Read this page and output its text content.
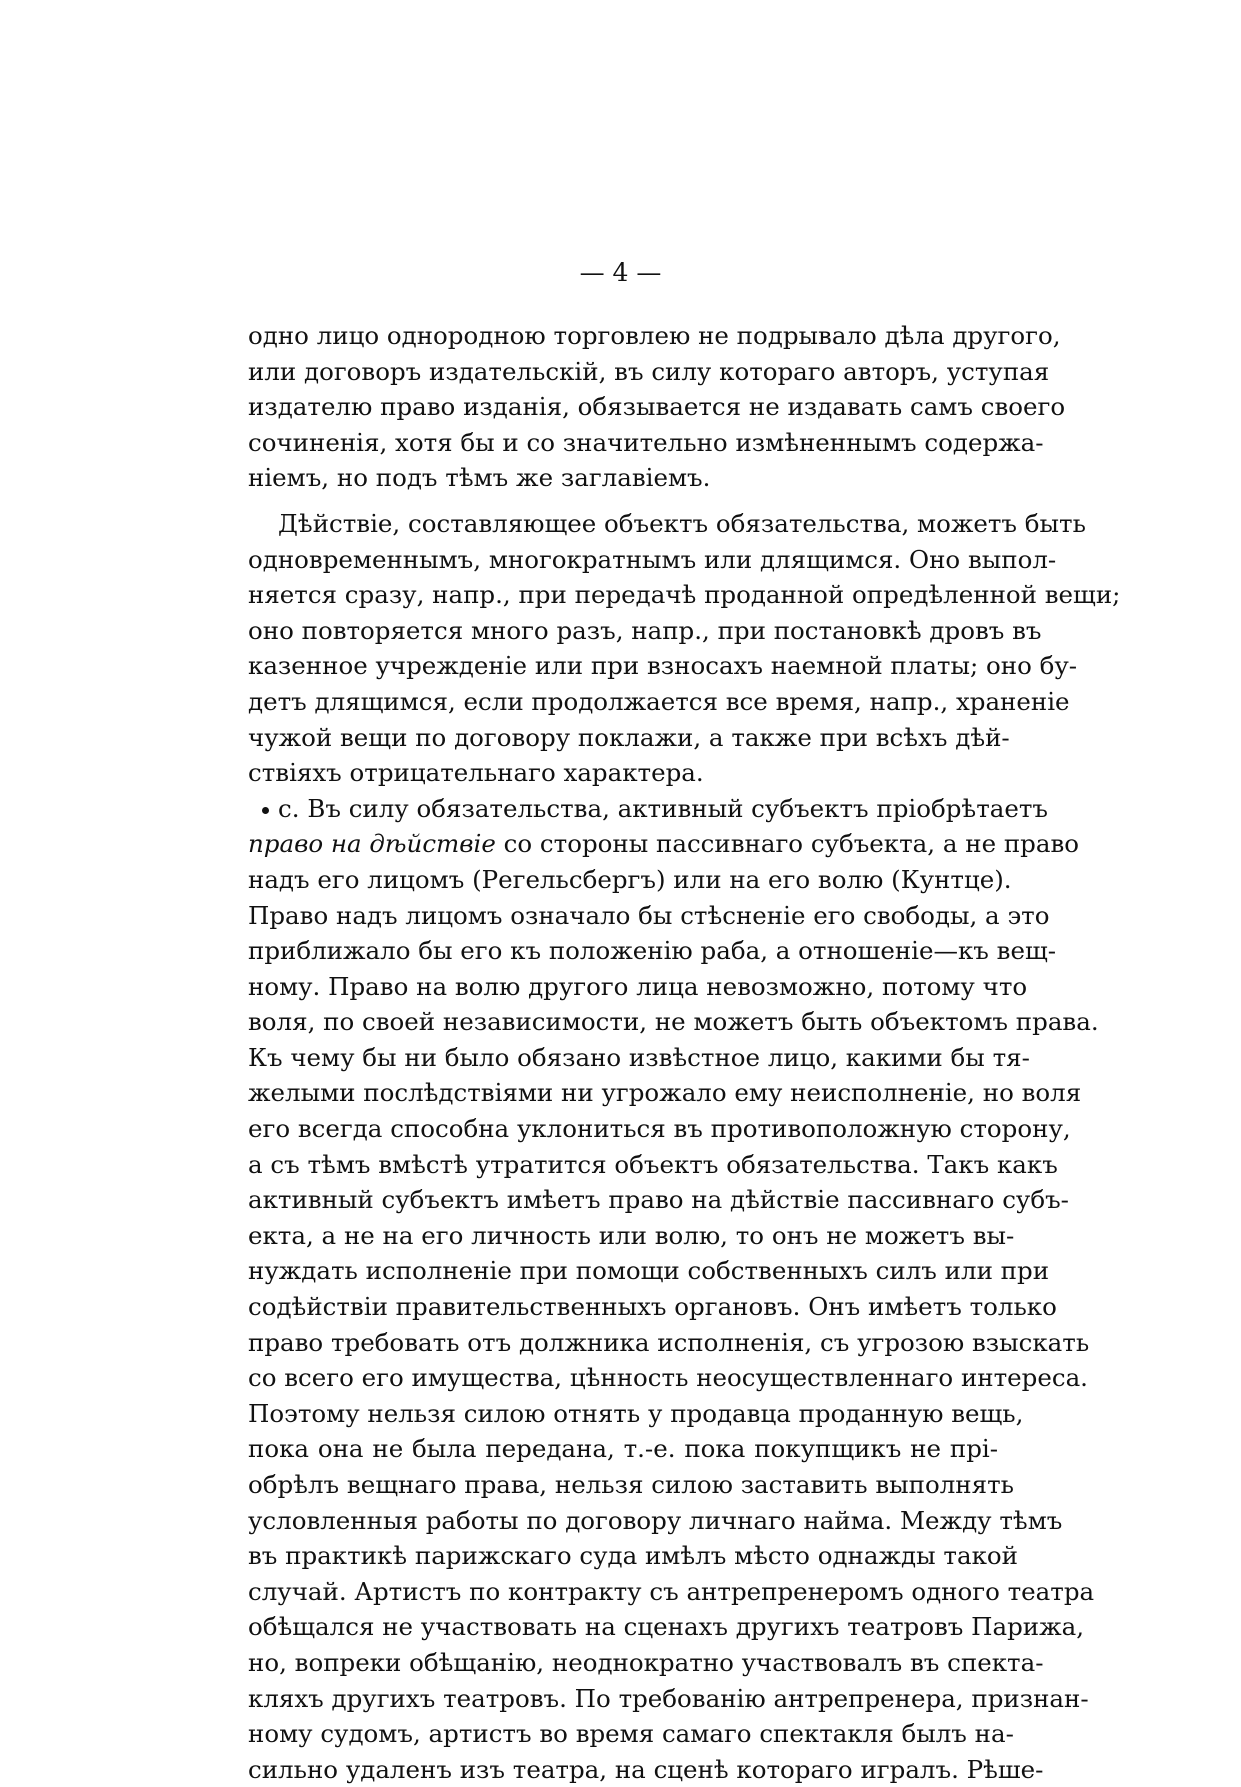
— 4 —
одно лицо однородною торговлею не подрывало дѣла другого,
или договоръ издательскій, въ силу котораго авторъ, уступая
издателю право изданія, обязывается не издавать самъ своего
сочиненія, хотя бы и со значительно измѣненнымъ содержа-
ніемъ, но подъ тѣмъ же заглавіемъ.
Дѣйствіе, составляющее объектъ обязательства, можетъ быть
одновременнымъ, многократнымъ или длящимся. Оно выпол-
няется сразу, напр., при передачѣ проданной опредѣленной вещи;
оно повторяется много разъ, напр., при постановкѣ дровъ въ
казенное учрежденіе или при взносахъ наемной платы; оно бу-
детъ длящимся, если продолжается все время, напр., храненіе
чужой вещи по договору поклажи, а также при всѣхъ дѣй-
ствіяхъ отрицательнаго характера.
с. Въ силу обязательства, активный субъектъ пріобрѣтаетъ
право на дѣйствіе со стороны пассивнаго субъекта, а не право
надъ его лицомъ (Регельсбергъ) или на его волю (Кунтце).
Право надъ лицомъ означало бы стѣсненіе его свободы, а это
приближало бы его къ положенію раба, а отношеніе—къ вещ-
ному. Право на волю другого лица невозможно, потому что
воля, по своей независимости, не можетъ быть объектомъ права.
Къ чему бы ни было обязано извѣстное лицо, какими бы тя-
желыми послѣдствіями ни угрожало ему неисполненіе, но воля
его всегда способна уклониться въ противоположную сторону,
а съ тѣмъ вмѣстѣ утратится объектъ обязательства. Такъ какъ
активный субъектъ имѣетъ право на дѣйствіе пассивнаго субъ-
екта, а не на его личность или волю, то онъ не можетъ вы-
нуждать исполненіе при помощи собственныхъ силъ или при
содѣйствіи правительственныхъ органовъ. Онъ имѣетъ только
право требовать отъ должника исполненія, съ угрозою взыскать
со всего его имущества, цѣнность неосуществленнаго интереса.
Поэтому нельзя силою отнять у продавца проданную вещь,
пока она не была передана, т.-е. пока покупщикъ не прі-
обрѣлъ вещнаго права, нельзя силою заставить выполнять
условленныя работы по договору личнаго найма. Между тѣмъ
въ практикѣ парижскаго суда имѣлъ мѣсто однажды такой
случай. Артистъ по контракту съ антрепренеромъ одного театра
обѣщался не участвовать на сценахъ другихъ театровъ Парижа,
но, вопреки обѣщанію, неоднократно участвовалъ въ спекта-
кляхъ другихъ театровъ. По требованію антрепренера, признан-
ному судомъ, артистъ во время самаго спектакля былъ на-
сильно удаленъ изъ театра, на сценѣ котораго игралъ. Рѣше-
